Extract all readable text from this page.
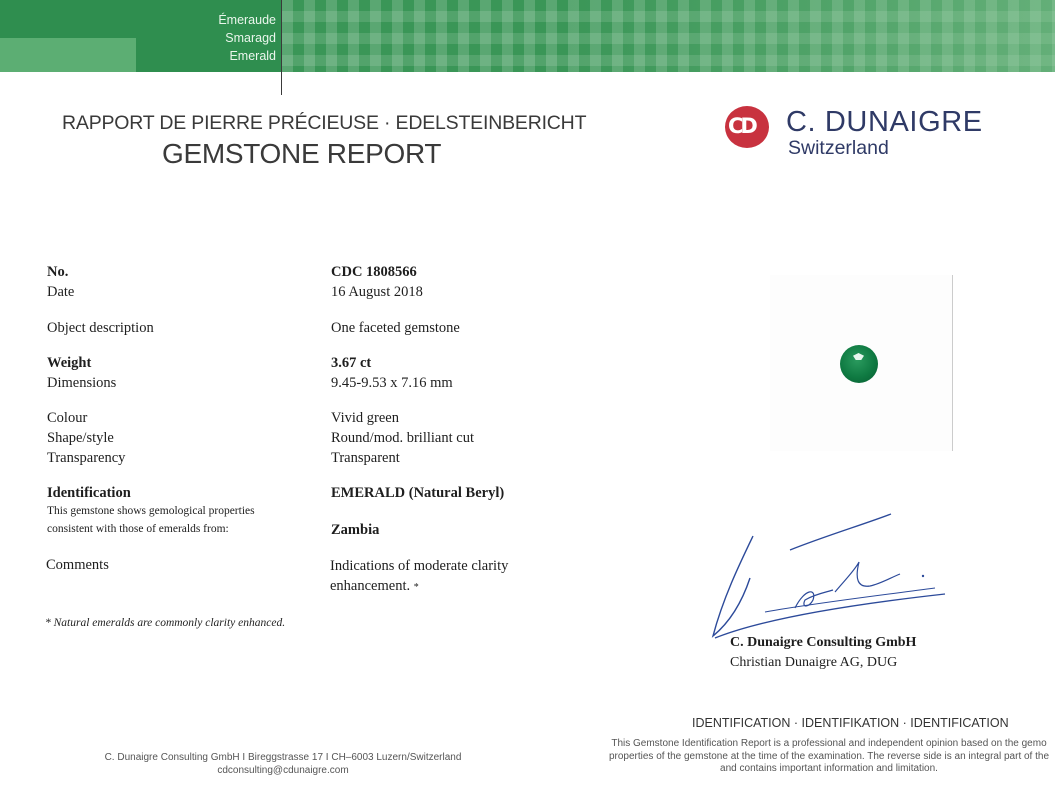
Émeraude
Smaragd
Emerald
RAPPORT DE PIERRE PRÉCIEUSE · EDELSTEINBERICHT
GEMSTONE REPORT
CD C. DUNAIGRE
Switzerland
No.	CDC 1808566
Date	16 August 2018
Object description	One faceted gemstone
Weight	3.67 ct
Dimensions	9.45-9.53 x 7.16 mm
Colour	Vivid green
Shape/style	Round/mod. brilliant cut
Transparency	Transparent
Identification	EMERALD (Natural Beryl)
This gemstone shows gemological properties
consistent with those of emeralds from:	Zambia
Comments	Indications of moderate clarity
enhancement. *
* Natural emeralds are commonly clarity enhanced.
C. Dunaigre Consulting GmbH
Christian Dunaigre AG, DUG
C. Dunaigre Consulting GmbH I Bireggstrasse 17 I CH–6003 Luzern/Switzerland
cdconsulting@cdunaigre.com
IDENTIFICATION · IDENTIFIKATION · IDENTIFICATION
This Gemstone Identification Report is a professional and independent opinion based on the gemo
properties of the gemstone at the time of the examination. The reverse side is an integral part of the
and contains important information and limitation.
